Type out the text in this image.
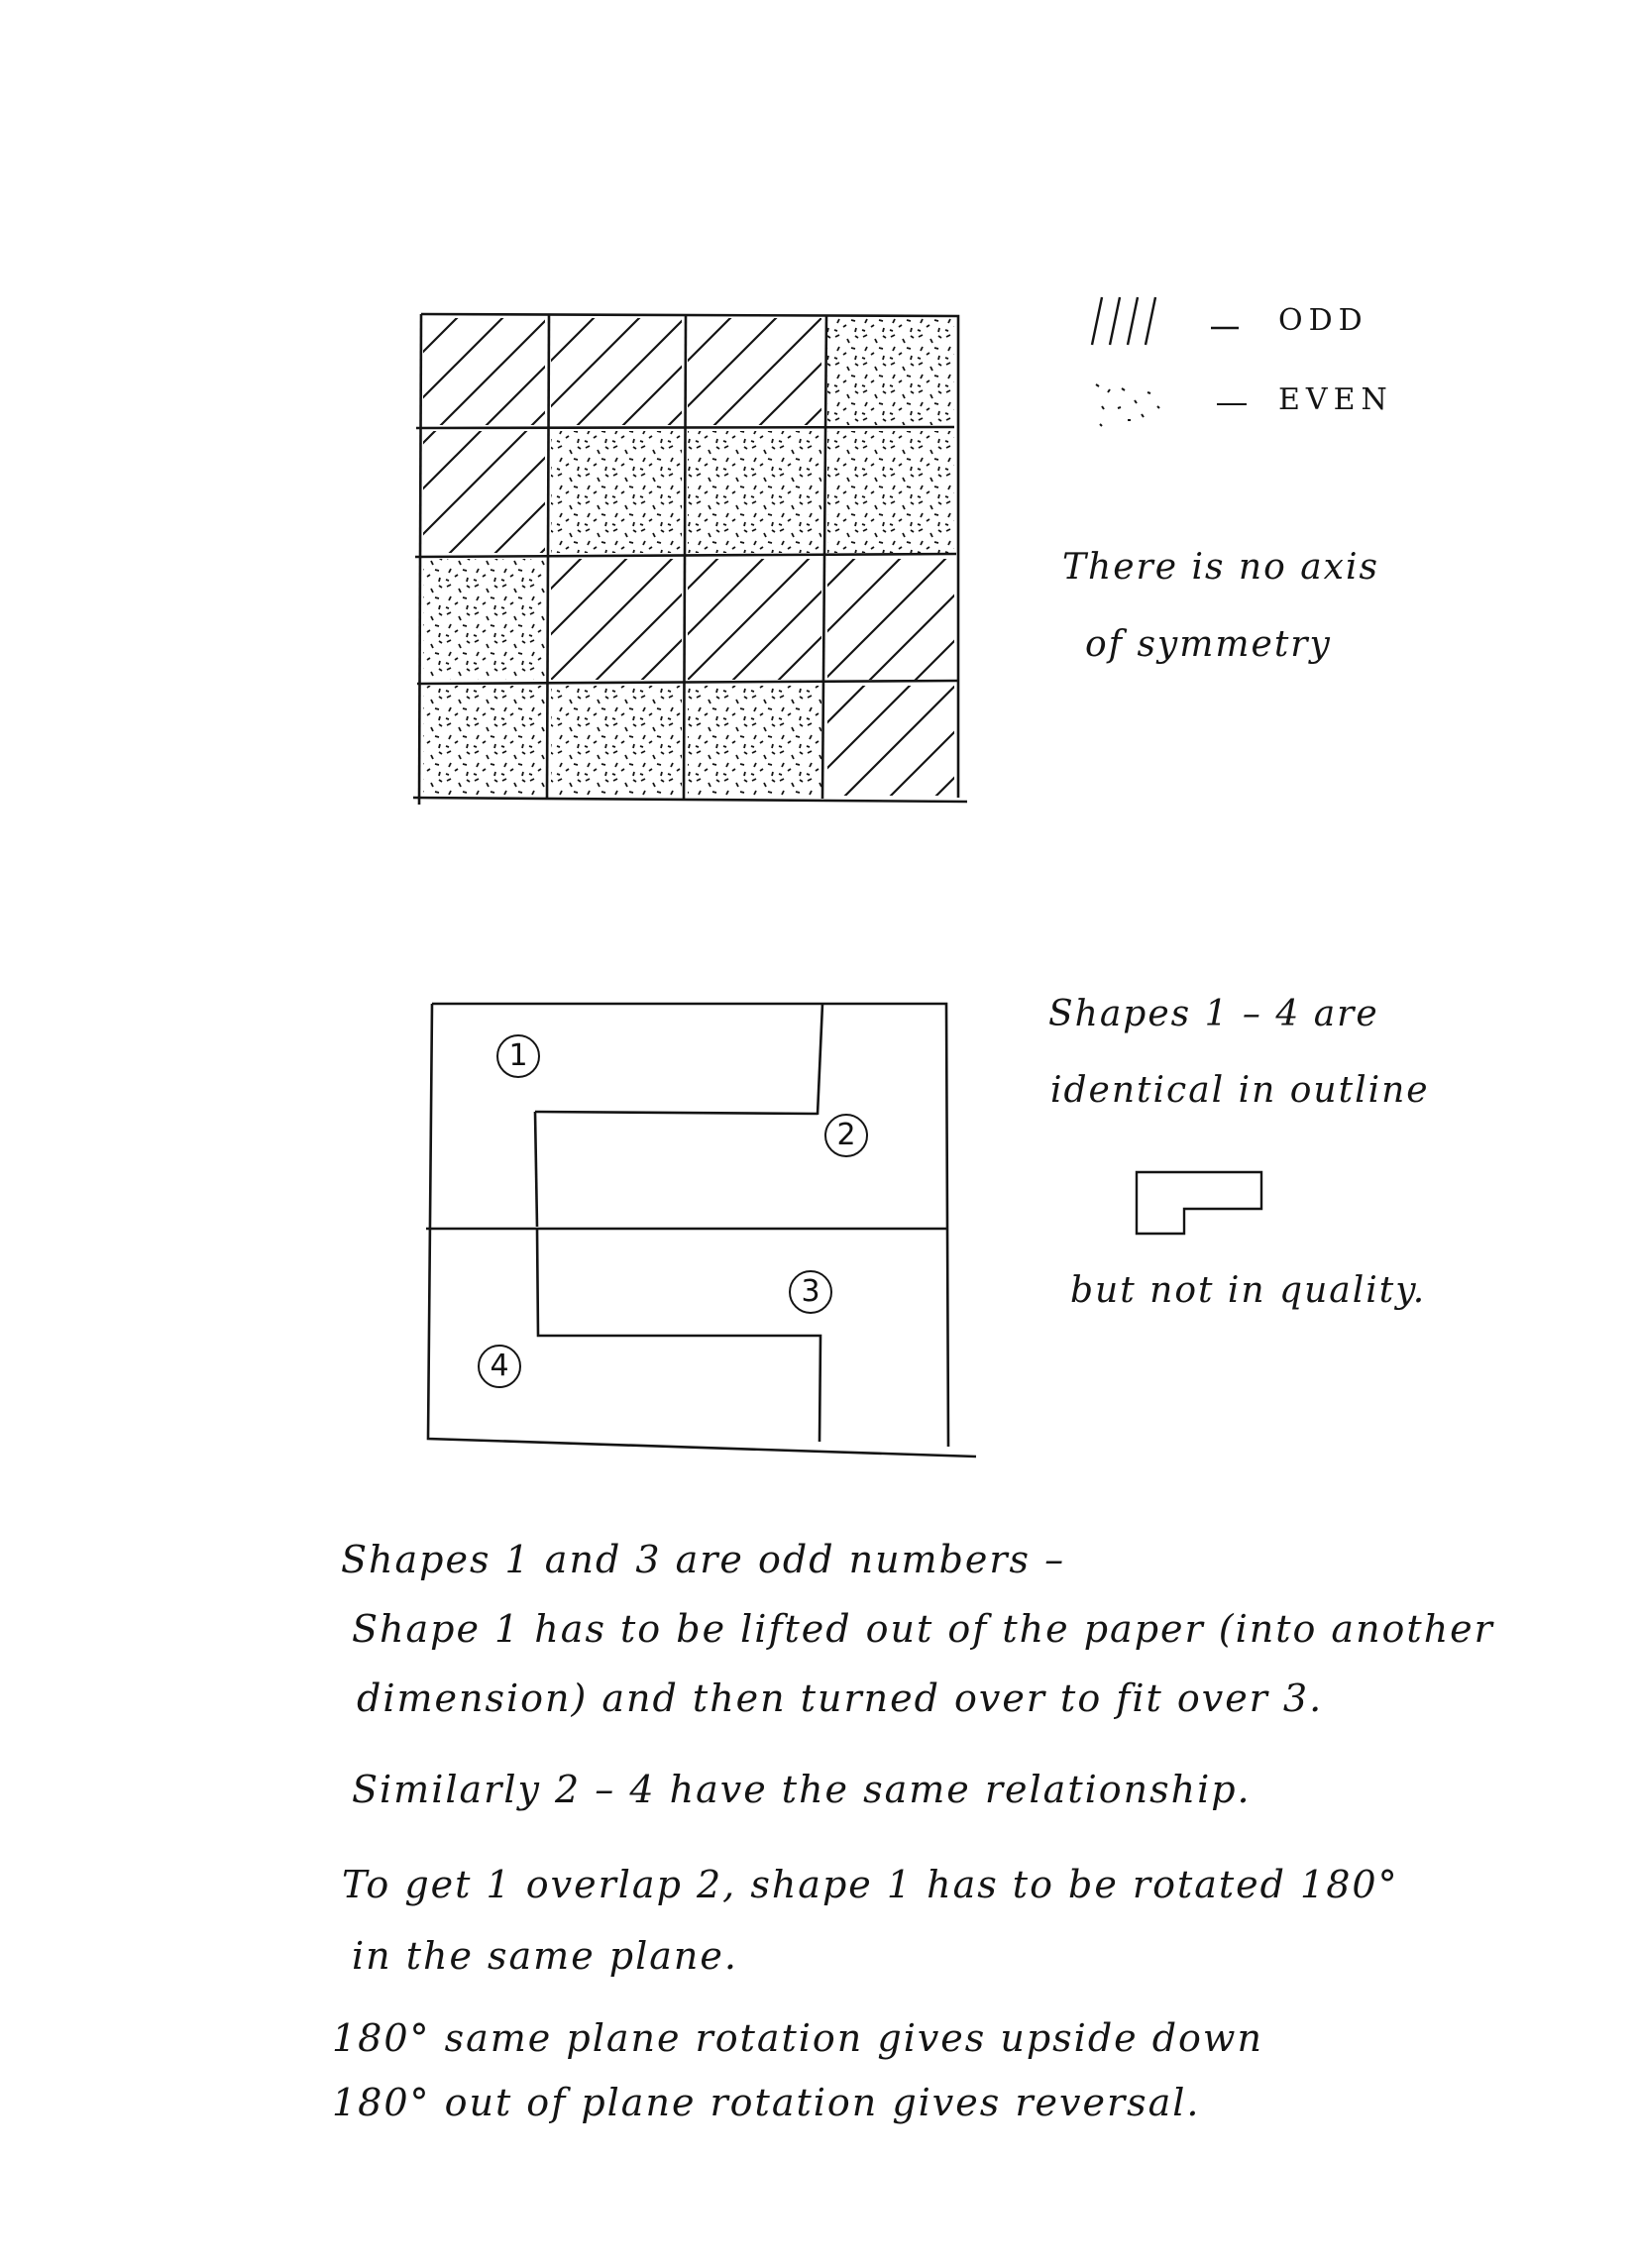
ODD
EVEN
There is no axis
of symmetry
1
2
3
4
Shapes 1 – 4 are
identical in outline
but not in quality.
Shapes 1 and 3 are odd numbers –
Shape 1 has to be lifted out of the paper (into another
dimension) and then turned over to fit over 3.
Similarly 2 – 4 have the same relationship.
To get 1 overlap 2, shape 1 has to be rotated 180°
in the same plane.
180° same plane rotation gives upside down
180° out of plane rotation gives reversal.
